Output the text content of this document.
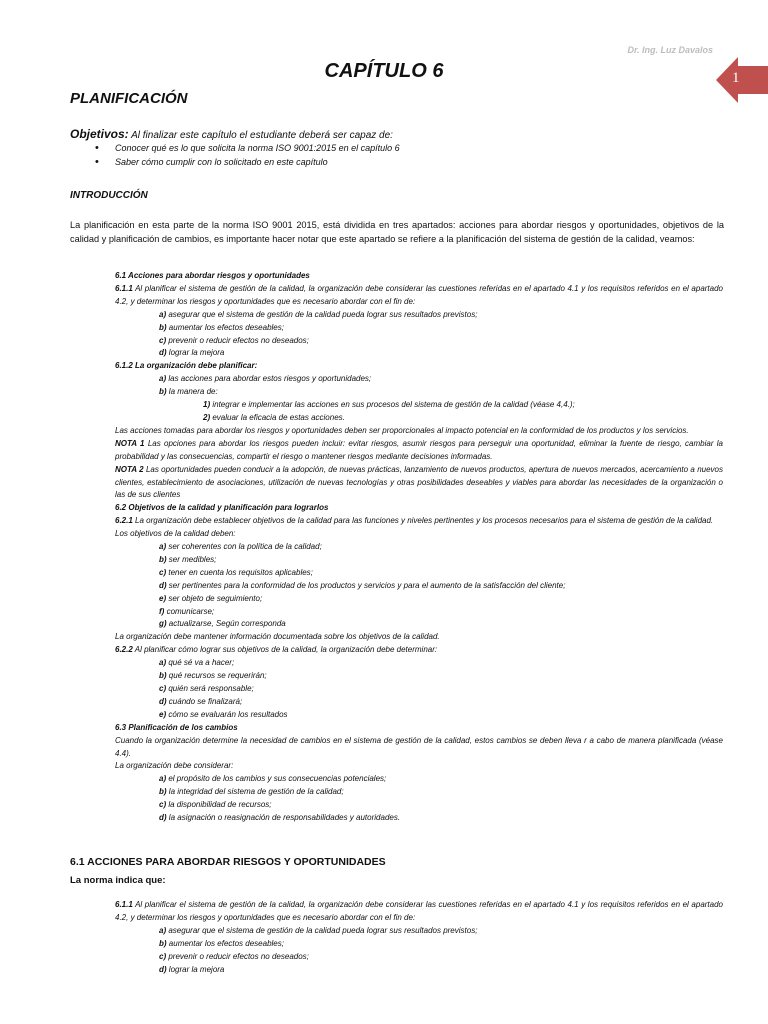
Dr. Ing. Luz Davalos
1
CAPÍTULO 6
PLANIFICACIÓN
Objetivos: Al finalizar este capítulo el estudiante deberá ser capaz de:
• Conocer qué es lo que solicita la norma ISO 9001:2015 en el capítulo 6
• Saber cómo cumplir con lo solicitado en este capítulo
INTRODUCCIÓN
La planificación en esta parte de la norma ISO 9001 2015, está dividida en tres apartados: acciones para abordar riesgos y oportunidades, objetivos de la calidad y planificación de cambios, es importante hacer notar que este apartado se refiere a la planificación del sistema de gestión de la calidad, veamos:

6.1 Acciones para abordar riesgos y oportunidades

6.1.1 Al planificar el sistema de gestión de la calidad, la organización debe considerar las cuestiones referidas en el apartado 4.1 y los requisitos referidos en el apartado 4.2, y determinar los riesgos y oportunidades que es necesario abordar con el fin de:

a) asegurar que el sistema de gestión de la calidad pueda lograr sus resultados previstos;

b) aumentar los efectos deseables;

c) prevenir o reducir efectos no deseados;

d) lograr la mejora

6.1.2 La organización debe planificar:

a) las acciones para abordar estos riesgos y oportunidades;

b) la manera de:

1) integrar e implementar las acciones en sus procesos del sistema de gestión de la calidad (véase 4,4.);

2) evaluar la eficacia de estas acciones.

Las acciones tomadas para abordar los riesgos y oportunidades deben ser proporcionales al impacto potencial en la conformidad de los productos y los servicios.

NOTA 1 Las opciones para abordar los riesgos pueden incluir: evitar riesgos, asumir riesgos para perseguir una oportunidad, eliminar la fuente de riesgo, cambiar la probabilidad y las consecuencias, compartir el riesgo o mantener riesgos mediante decisiones informadas.

NOTA 2 Las oportunidades pueden conducir a la adopción, de nuevas prácticas, lanzamiento de nuevos productos, apertura de nuevos mercados, acercamiento a nuevos clientes, establecimiento de asociaciones, utilización de nuevas tecnologías y otras posibilidades deseables y viables para abordar las necesidades de la organización o las de sus clientes

6.2 Objetivos de la calidad y planificación para lograrlos

6.2.1 La organización debe establecer objetivos de la calidad para las funciones y niveles pertinentes y los procesos necesarios para el sistema de gestión de la calidad.

Los objetivos de la calidad deben:

a) ser coherentes con la política de la calidad;

b) ser medibles;

c) tener en cuenta los requisitos aplicables;

d) ser pertinentes para la conformidad de los productos y servicios y para el aumento de la satisfacción del cliente;

e) ser objeto de seguimiento;

f) comunicarse;

g) actualizarse, Según corresponda

La organización debe mantener información documentada sobre los objetivos de la calidad.

6.2.2 Al planificar cómo lograr sus objetivos de la calidad, la organización debe determinar:

a) qué sé va a hacer;

b) qué recursos se requerirán;

c) quién será responsable;

d) cuándo se finalizará;

e) cómo se evaluarán los resultados

6.3 Planificación de los cambios

Cuando la organización determine la necesidad de cambios en el sistema de gestión de la calidad, estos cambios se deben lleva r a cabo de manera planificada (véase 4.4).

La organización debe considerar:

a) el propósito de los cambios y sus consecuencias potenciales;

b) la integridad del sistema de gestión de la calidad;

c) la disponibilidad de recursos;

d) la asignación o reasignación de responsabilidades y autoridades.

6.1 ACCIONES PARA ABORDAR RIESGOS Y OPORTUNIDADES
La norma indica que:

6.1.1 Al planificar el sistema de gestión de la calidad, la organización debe considerar las cuestiones referidas en el apartado 4.1 y los requisitos referidos en el apartado 4.2, y determinar los riesgos y oportunidades que es necesario abordar con el fin de:

a) asegurar que el sistema de gestión de la calidad pueda lograr sus resultados previstos;

b) aumentar los efectos deseables;

c) prevenir o reducir efectos no deseados;

d) lograr la mejora
